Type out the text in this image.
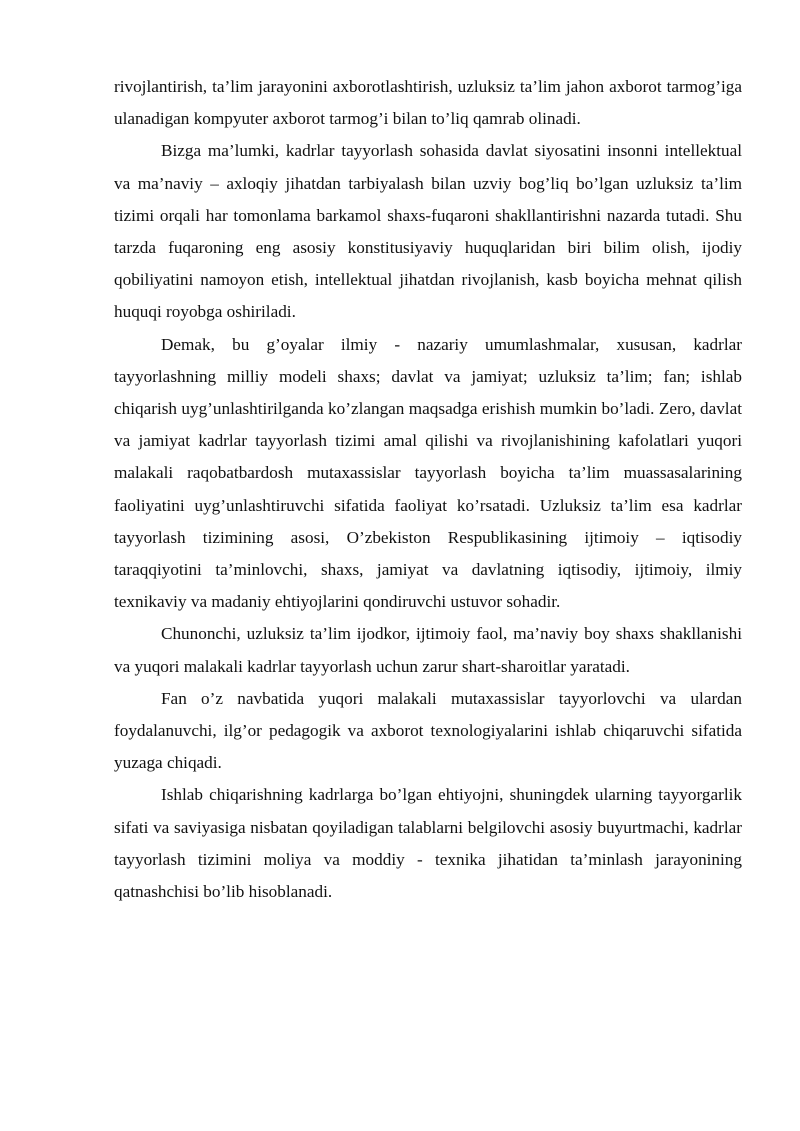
rivojlantirish, ta’lim jarayonini axborotlashtirish, uzluksiz ta’lim jahon axborot tarmog’iga ulanadigan kompyuter axborot tarmog’i bilan to’liq qamrab olinadi.

Bizga ma’lumki, kadrlar tayyorlash sohasida davlat siyosatini insonni intellektual va ma’naviy – axloqiy jihatdan tarbiyalash bilan uzviy bog’liq bo’lgan uzluksiz ta’lim tizimi orqali har tomonlama barkamol shaxs-fuqaroni shakllantirishni nazarda tutadi. Shu tarzda fuqaroning eng asosiy konstitusiyaviy huquqlaridan biri bilim olish, ijodiy qobiliyatini namoyon etish, intellektual jihatdan rivojlanish, kasb boyicha mehnat qilish huquqi royobga oshiriladi.

Demak, bu g’oyalar ilmiy - nazariy umumlashmalar, xususan, kadrlar tayyorlashning milliy modeli shaxs; davlat va jamiyat; uzluksiz ta’lim; fan; ishlab chiqarish uyg’unlashtirilganda ko’zlangan maqsadga erishish mumkin bo’ladi. Zero, davlat va jamiyat kadrlar tayyorlash tizimi amal qilishi va rivojlanishining kafolatlari yuqori malakali raqobatbardosh mutaxassislar tayyorlash boyicha ta’lim muassasalarining faoliyatini uyg’unlashtiruvchi sifatida faoliyat ko’rsatadi. Uzluksiz ta’lim esa kadrlar tayyorlash tizimining asosi, O’zbekiston Respublikasining ijtimoiy – iqtisodiy taraqqiyotini ta’minlovchi, shaxs, jamiyat va davlatning iqtisodiy, ijtimoiy, ilmiy texnikaviy va madaniy ehtiyojlarini qondiruvchi ustuvor sohadir.

Chunonchi, uzluksiz ta’lim ijodkor, ijtimoiy faol, ma’naviy boy shaxs shakllanishi va yuqori malakali kadrlar tayyorlash uchun zarur shart-sharoitlar yaratadi.

Fan o’z navbatida yuqori malakali mutaxassislar tayyorlovchi va ulardan foydalanuvchi, ilg’or pedagogik va axborot texnologiyalarini ishlab chiqaruvchi sifatida yuzaga chiqadi.

Ishlab chiqarishning kadrlarga bo’lgan ehtiyojni, shuningdek ularning tayyorgarlik sifati va saviyasiga nisbatan qoyiladigan talablarni belgilovchi asosiy buyurtmachi, kadrlar tayyorlash tizimini moliya va moddiy - texnika jihatidan ta’minlash jarayonining qatnashchisi bo’lib hisoblanadi.
